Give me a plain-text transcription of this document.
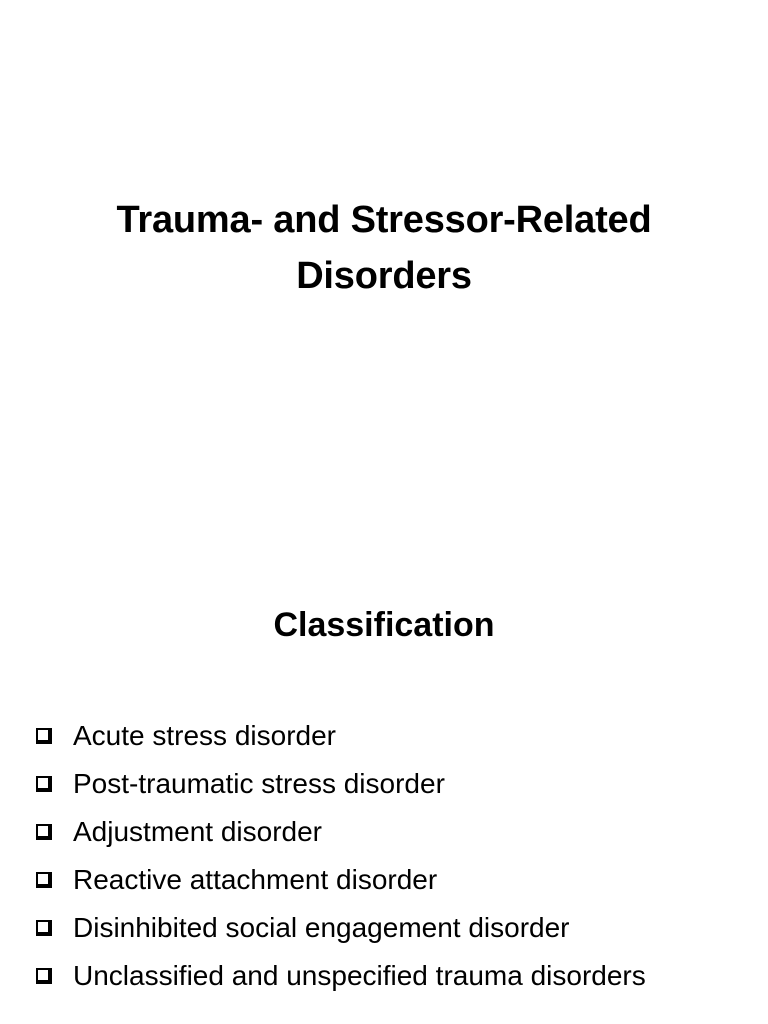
Trauma- and Stressor-Related
Disorders
Classification
Acute stress disorder
Post-traumatic stress disorder
Adjustment disorder
Reactive attachment disorder
Disinhibited social engagement disorder
Unclassified and unspecified trauma disorders
